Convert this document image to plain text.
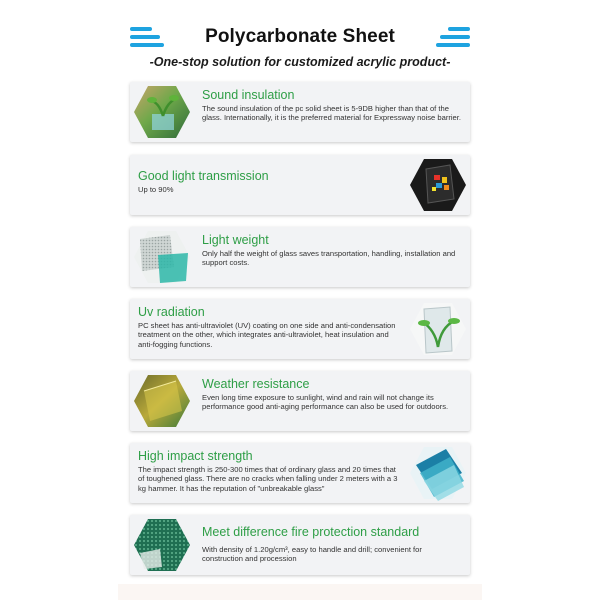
Polycarbonate Sheet
-One-stop solution for customized acrylic product-
Sound insulation

The sound insulation of the pc solid sheet is 5-9DB higher than that of the glass. Internationally, it is the preferred material for Expressway noise barrier.

Good light transmission

Up to 90%

Light weight

Only half the weight of glass saves transportation, handling, installation and support costs.

Uv radiation

PC sheet has anti-ultraviolet (UV) coating on one side and anti-condensation treatment on the other, which integrates anti-ultraviolet, heat insulation and anti-fogging functions.

Weather resistance

Even long time exposure to sunlight, wind and rain will not change its performance good anti-aging performance can also be used for outdoors.

High impact strength

The impact strength is 250-300 times that of ordinary glass and 20 times that of toughened glass. There are no cracks when falling under 2 meters with a 3 kg hammer. It has the reputation of "unbreakable glass"

Meet difference fire protection standard

With density of 1.20g/cm³, easy to handle and drill; convenient for construction and procession
